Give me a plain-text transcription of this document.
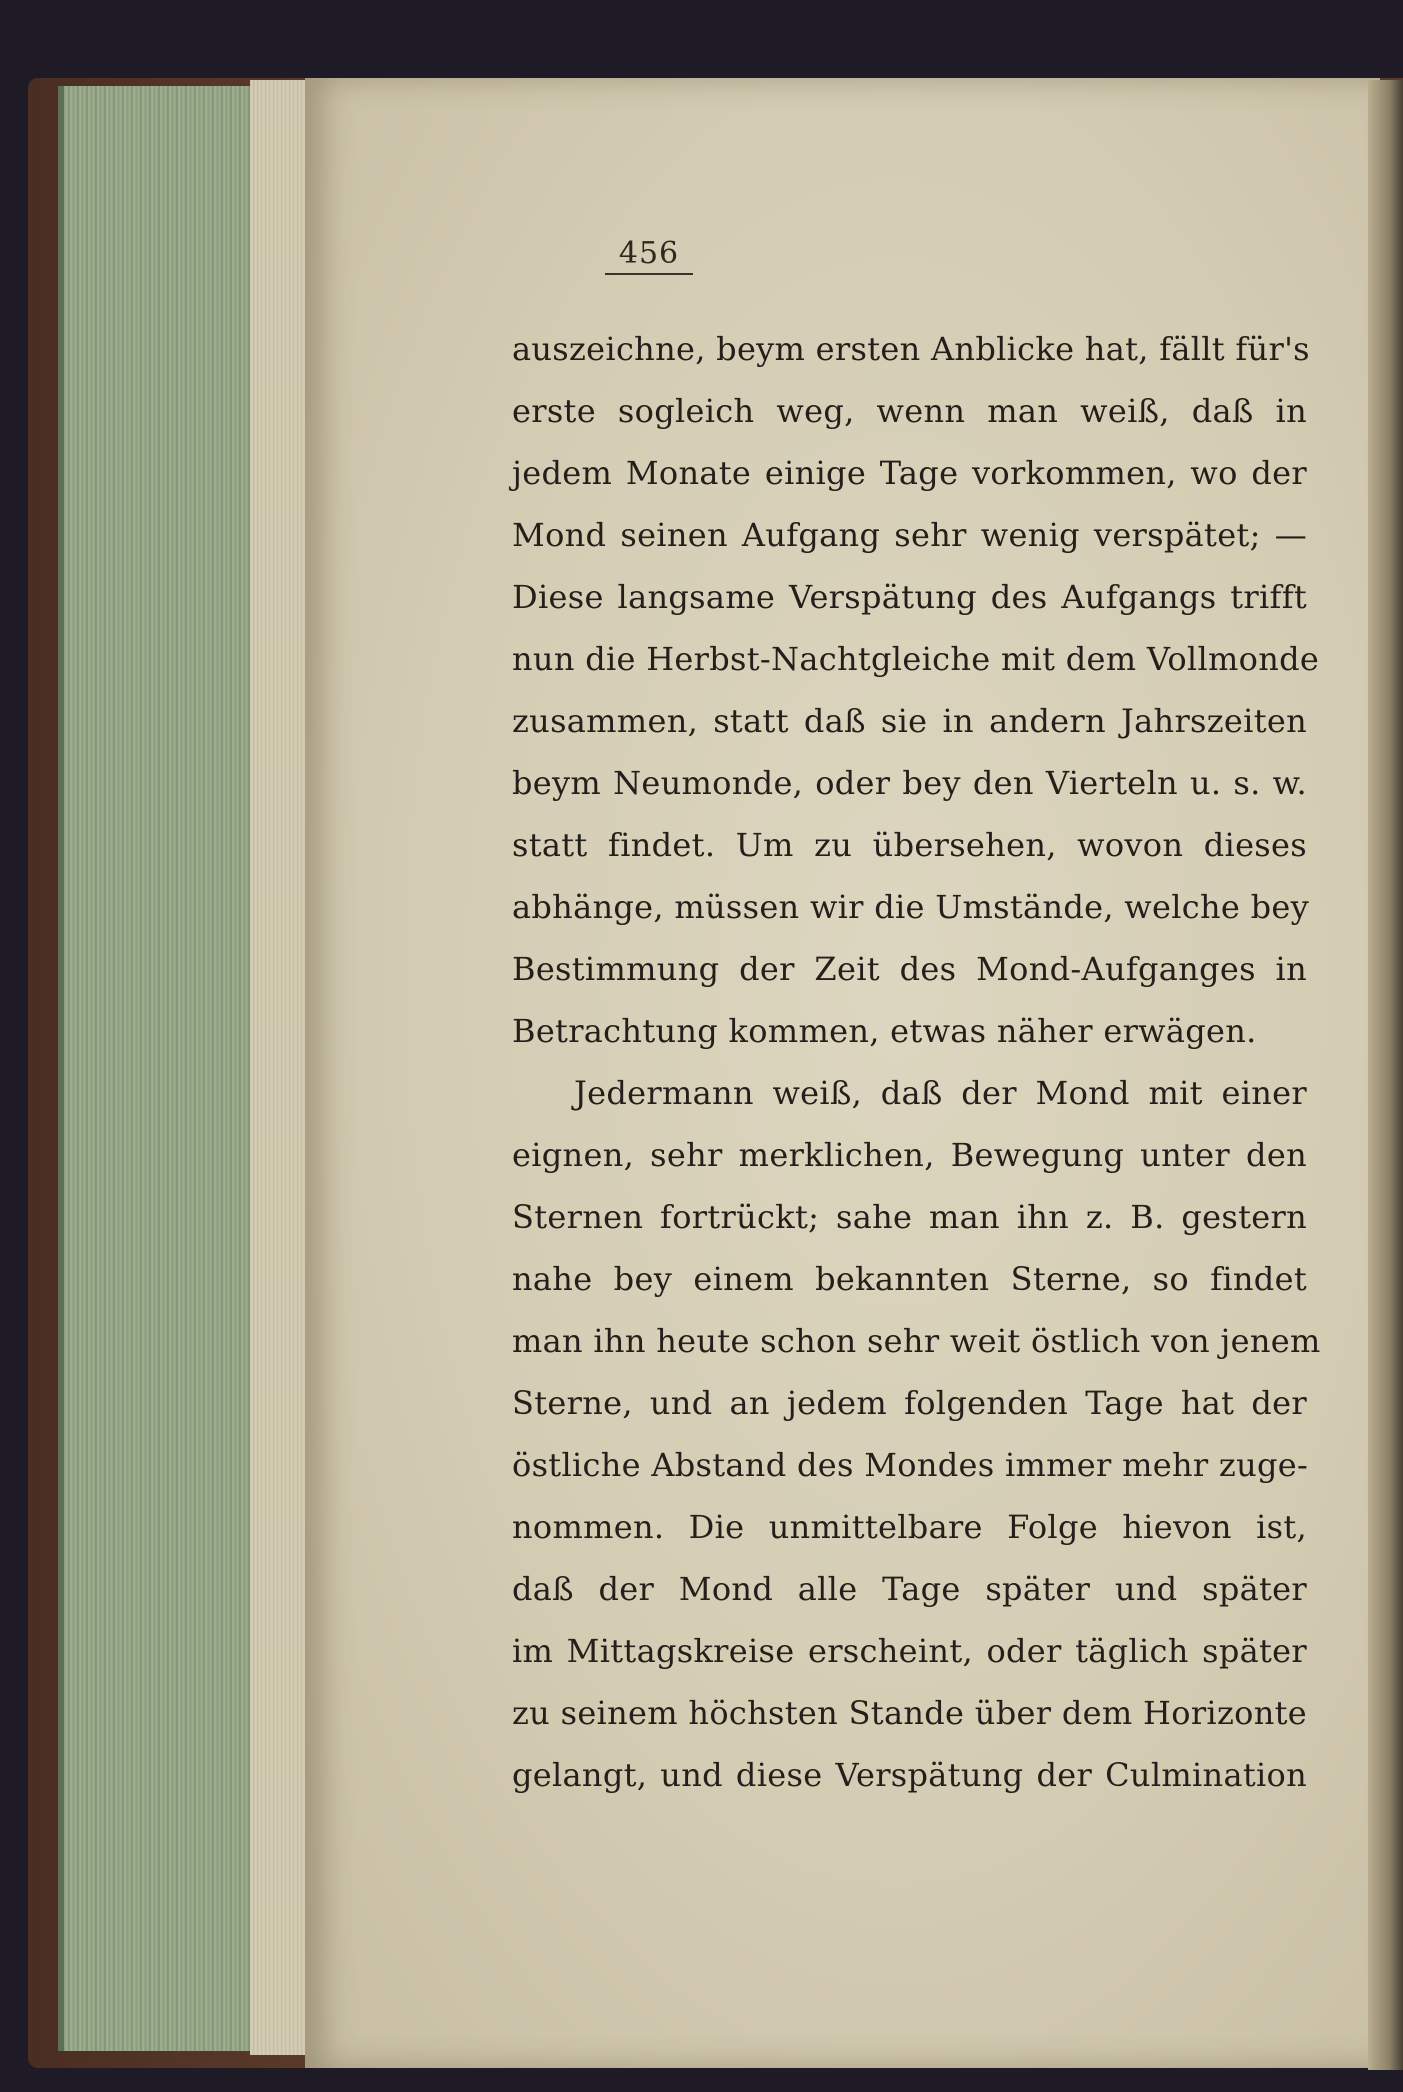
456
auszeichne, beym ersten Anblicke hat, fällt für's
erste sogleich weg, wenn man weiß, daß in
jedem Monate einige Tage vorkommen, wo der
Mond seinen Aufgang sehr wenig verspätet; —
Diese langsame Verspätung des Aufgangs trifft
nun die Herbst-Nachtgleiche mit dem Vollmonde
zusammen, statt daß sie in andern Jahrszeiten
beym Neumonde, oder bey den Vierteln u. s. w.
statt findet. Um zu übersehen, wovon dieses
abhänge, müssen wir die Umstände, welche bey
Bestimmung der Zeit des Mond-Aufganges in
Betrachtung kommen, etwas näher erwägen.
Jedermann weiß, daß der Mond mit einer
eignen, sehr merklichen, Bewegung unter den
Sternen fortrückt; sahe man ihn z. B. gestern
nahe bey einem bekannten Sterne, so findet
man ihn heute schon sehr weit östlich von jenem
Sterne, und an jedem folgenden Tage hat der
östliche Abstand des Mondes immer mehr zuge-
nommen. Die unmittelbare Folge hievon ist,
daß der Mond alle Tage später und später
im Mittagskreise erscheint, oder täglich später
zu seinem höchsten Stande über dem Horizonte
gelangt, und diese Verspätung der Culmination
